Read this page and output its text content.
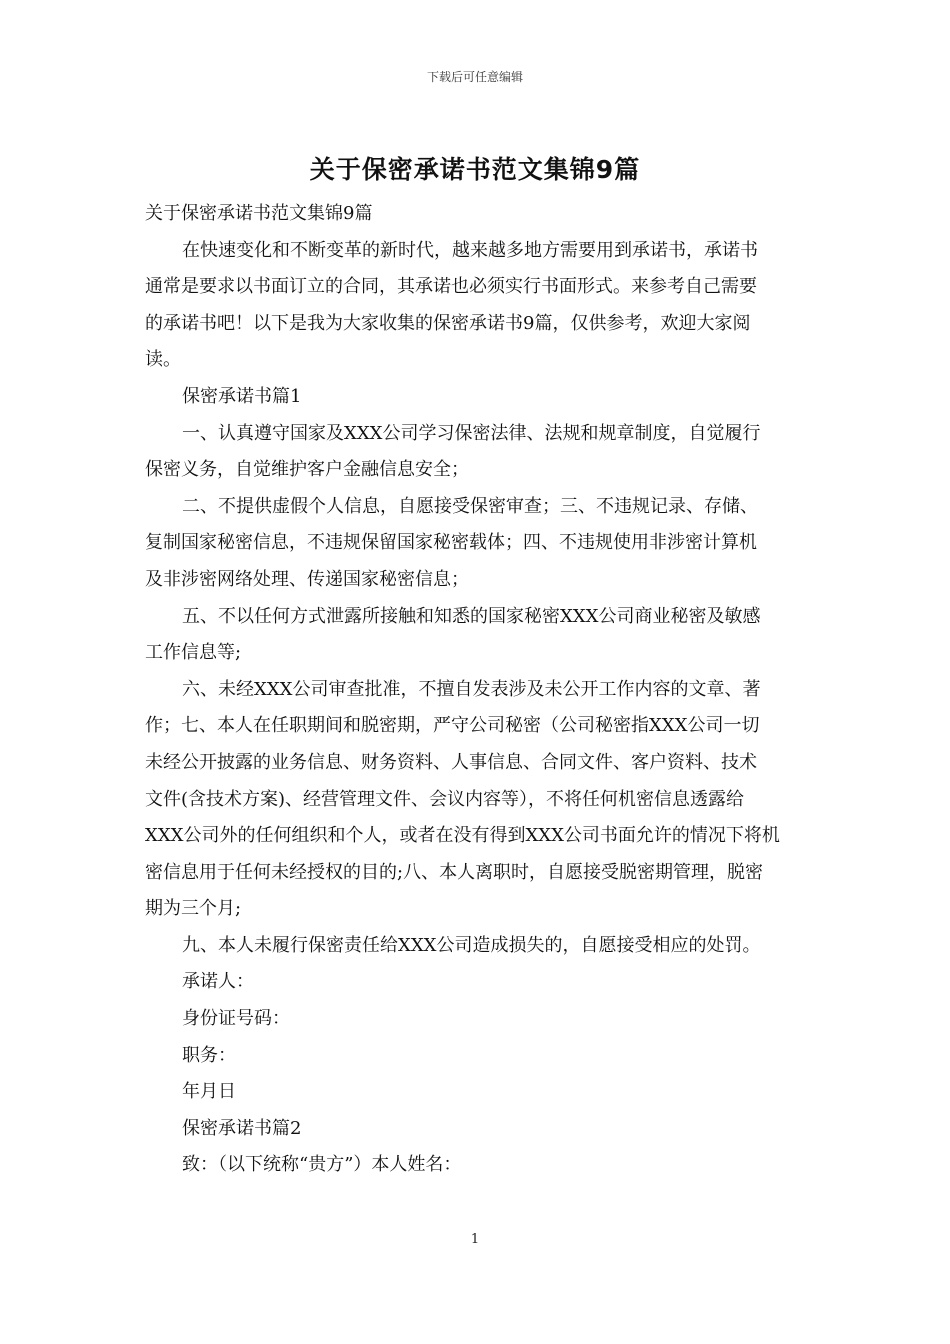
下载后可任意编辑
关于保密承诺书范文集锦9篇
关于保密承诺书范文集锦9篇
在快速变化和不断变革的新时代，越来越多地方需要用到承诺书，承诺书
通常是要求以书面订立的合同，其承诺也必须实行书面形式。来参考自己需要
的承诺书吧！以下是我为大家收集的保密承诺书9篇，仅供参考，欢迎大家阅
读。
保密承诺书篇1
一、认真遵守国家及XXX公司学习保密法律、法规和规章制度，自觉履行
保密义务，自觉维护客户金融信息安全；
二、不提供虚假个人信息，自愿接受保密审查；三、不违规记录、存储、
复制国家秘密信息，不违规保留国家秘密载体；四、不违规使用非涉密计算机
及非涉密网络处理、传递国家秘密信息；
五、不以任何方式泄露所接触和知悉的国家秘密XXX公司商业秘密及敏感
工作信息等;
六、未经XXX公司审查批准，不擅自发表涉及未公开工作内容的文章、著
作；七、本人在任职期间和脱密期，严守公司秘密（公司秘密指XXX公司一切
未经公开披露的业务信息、财务资料、人事信息、合同文件、客户资料、技术
文件(含技术方案)、经营管理文件、会议内容等），不将任何机密信息透露给
XXX公司外的任何组织和个人，或者在没有得到XXX公司书面允许的情况下将机
密信息用于任何未经授权的目的;八、本人离职时，自愿接受脱密期管理，脱密
期为三个月;
九、本人未履行保密责任给XXX公司造成损失的，自愿接受相应的处罚。
承诺人：
身份证号码：
职务：
年月日
保密承诺书篇2
致：（以下统称“贵方”）本人姓名：
1
